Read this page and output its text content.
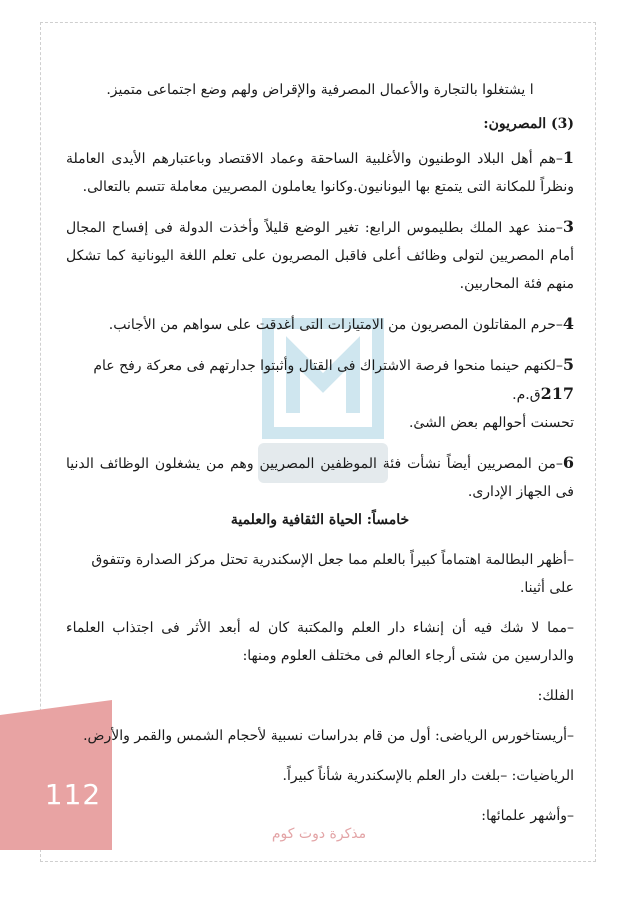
112

ا يشتغلوا بالتجارة والأعمال المصرفية والإقراض ولهم وضع اجتماعى متميز.

(3) المصريون:

1–هم أهل البلاد الوطنيون والأغلبية الساحقة وعماد الاقتصاد وباعتبارهم الأيدى العاملة ونظراً للمكانة التى يتمتع بها اليونانيون.وكانوا يعاملون المصريين معاملة تتسم بالتعالى.

3–منذ عهد الملك بطليموس الرابع: تغير الوضع قليلاً وأخذت الدولة فى إفساح المجال أمام المصريين لتولى وظائف أعلى فاقبل المصريون على تعلم اللغة اليونانية كما تشكل منهم فئة المحاربين.

4–حرم المقاتلون المصريون من الامتيازات التى أغدقت على سواهم من الأجانب.

5–لكنهم حينما منحوا فرصة الاشتراك فى القتال وأثبتوا جدارتهم فى معركة رفح عام 217ق.م.

تحسنت أحوالهم بعض الشئ.

6–من المصريين أيضاً نشأت فئة الموظفين المصريين وهم من يشغلون الوظائف الدنيا فى الجهاز الإدارى.

خامساً: الحياة الثقافية والعلمية

–أظهر البطالمة اهتماماً كبيراً بالعلم مما جعل الإسكندرية تحتل مركز الصدارة وتتفوق على أثينا.

–مما لا شك فيه أن إنشاء دار العلم والمكتبة كان له أبعد الأثر فى اجتذاب العلماء والدارسين من شتى أرجاء العالم فى مختلف العلوم ومنها:

الفلك:

–أريستاخورس الرياضى: أول من قام بدراسات نسبية لأحجام الشمس والقمر والأرض.

الرياضيات: –بلغت دار العلم بالإسكندرية شأناً كبيراً.

–وأشهر علمائها:

مذكرة دوت كوم
